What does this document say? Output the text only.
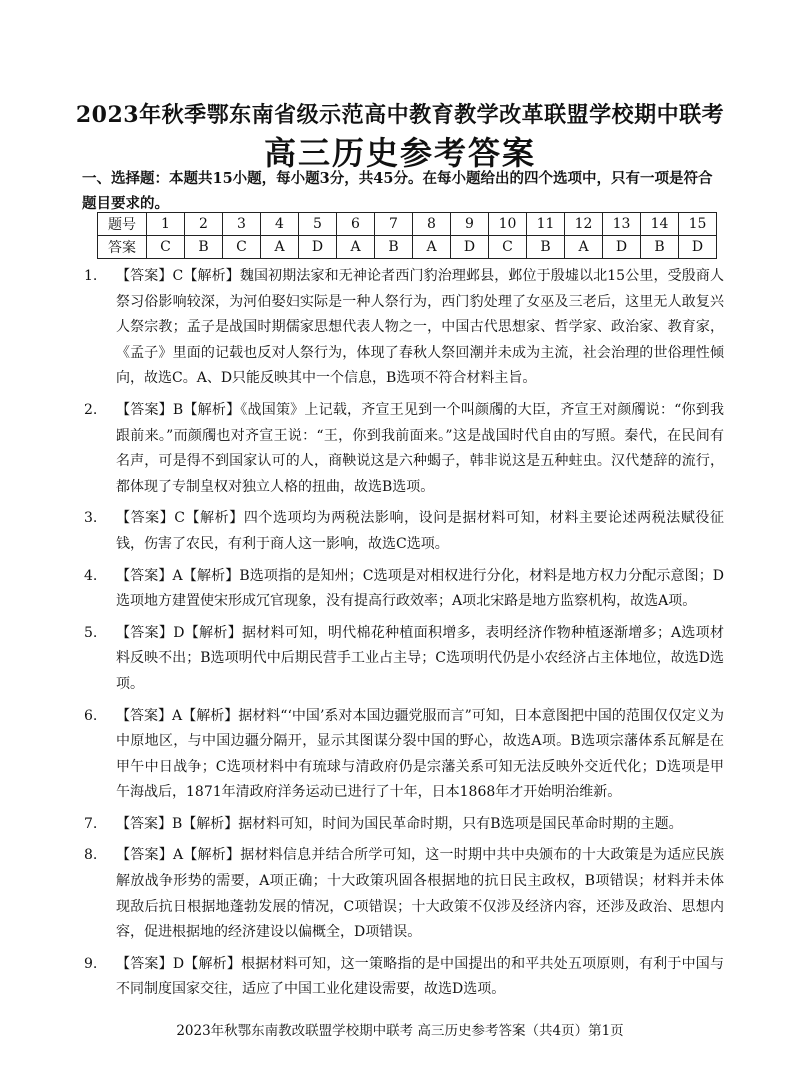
2023年秋季鄂东南省级示范高中教育教学改革联盟学校期中联考
高三历史参考答案
一、选择题：本题共15小题，每小题3分，共45分。在每小题给出的四个选项中，只有一项是符合题目要求的。
题号	1	2	3	4	5	6	7	8	9	10	11	12	13	14	15
答案	C	B	C	A	D	A	B	A	D	C	B	A	D	B	D
1.	【答案】C【解析】魏国初期法家和无神论者西门豹治理邺县，邺位于殷墟以北15公里，受殷商人祭习俗影响较深，为河伯娶妇实际是一种人祭行为，西门豹处理了女巫及三老后，这里无人敢复兴人祭宗教；孟子是战国时期儒家思想代表人物之一，中国古代思想家、哲学家、政治家、教育家，《孟子》里面的记载也反对人祭行为，体现了春秋人祭回潮并未成为主流，社会治理的世俗理性倾向，故选C。A、D只能反映其中一个信息，B选项不符合材料主旨。
2.	【答案】B【解析】《战国策》上记载，齐宣王见到一个叫颜斶的大臣，齐宣王对颜斶说：“你到我跟前来。”而颜斶也对齐宣王说：“王，你到我前面来。”这是战国时代自由的写照。秦代，在民间有名声，可是得不到国家认可的人，商鞅说这是六种蝎子，韩非说这是五种蛀虫。汉代楚辞的流行，都体现了专制皇权对独立人格的扭曲，故选B选项。
3.	【答案】C【解析】四个选项均为两税法影响，设问是据材料可知，材料主要论述两税法赋役征钱，伤害了农民，有利于商人这一影响，故选C选项。
4.	【答案】A【解析】B选项指的是知州；C选项是对相权进行分化，材料是地方权力分配示意图；D选项地方建置使宋形成冗官现象，没有提高行政效率；A项北宋路是地方监察机构，故选A项。
5.	【答案】D【解析】据材料可知，明代棉花种植面积增多，表明经济作物种植逐渐增多；A选项材料反映不出；B选项明代中后期民营手工业占主导；C选项明代仍是小农经济占主体地位，故选D选项。
6.	【答案】A【解析】据材料“‘中国’系对本国边疆党服而言”可知，日本意图把中国的范围仅仅定义为中原地区，与中国边疆分隔开，显示其图谋分裂中国的野心，故选A项。B选项宗藩体系瓦解是在甲午中日战争；C选项材料中有琉球与清政府仍是宗藩关系可知无法反映外交近代化；D选项是甲午海战后，1871年清政府洋务运动已进行了十年，日本1868年才开始明治维新。
7.	【答案】B【解析】据材料可知，时间为国民革命时期，只有B选项是国民革命时期的主题。
8.	【答案】A【解析】据材料信息并结合所学可知，这一时期中共中央颁布的十大政策是为适应民族解放战争形势的需要，A项正确；十大政策巩固各根据地的抗日民主政权，B项错误；材料并未体现敌后抗日根据地蓬勃发展的情况，C项错误；十大政策不仅涉及经济内容，还涉及政治、思想内容，促进根据地的经济建设以偏概全，D项错误。
9.	【答案】D【解析】根据材料可知，这一策略指的是中国提出的和平共处五项原则，有利于中国与不同制度国家交往，适应了中国工业化建设需要，故选D选项。
2023年秋鄂东南教改联盟学校期中联考 高三历史参考答案（共4页）第1页
